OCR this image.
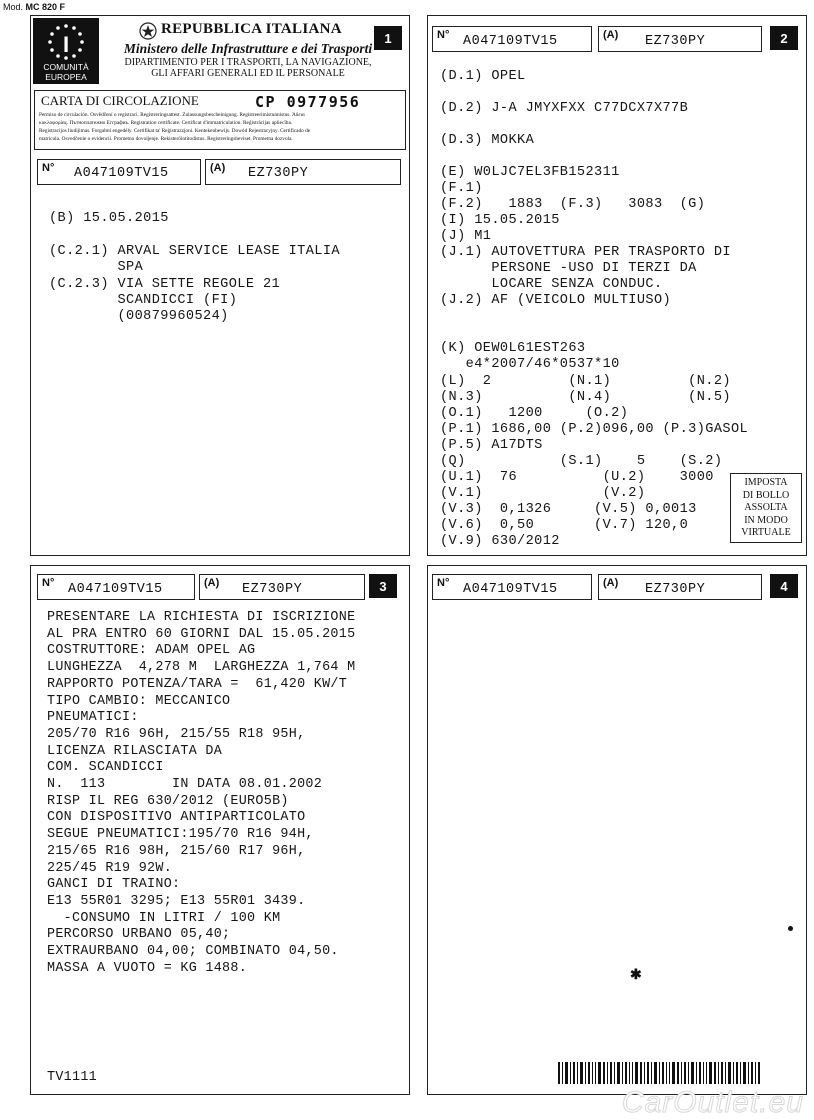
Mod. MC 820 F
I
COMUNITÀ EUROPEA
REPUBBLICA ITALIANA
Ministero delle Infrastrutture e dei Trasporti
DIPARTIMENTO PER I TRASPORTI, LA NAVIGAZIONE,
GLI AFFARI GENERALI ED IL PERSONALE
1
CARTA DI CIRCOLAZIONE	CP 0977956
Permiso de circulación. Osvědčení o registraci. Registreringsattest. Zulassungsbescheinigung. Registreerimistunnistus. Άδεια
κυκλοφορίας. Пътноплатежно Егграфиь. Registration certificate. Certificat d'immatriculation. Reģistrācijas apliecība.
Registracijos liudijimas. Forgalmi engedély. Certifikat ta' Reġistrazzjoni. Kentekenbewijs. Dowód Rejestracyjny. Certificado de
matrícula. Osvedčenie o evidencii. Prometno dovoljenje. Rekisteröintitodistus. Registreringsbeviset. Prometna dozvola.
N° A047109TV15	(A) EZ730PY
(B) 15.05.2015
(C.2.1) ARVAL SERVICE LEASE ITALIA
SPA
(C.2.3) VIA SETTE REGOLE 21
SCANDICCI (FI)
(00879960524)
N° A047109TV15	(A) EZ730PY	2
(D.1) OPEL
(D.2) J-A JMYXFXX C77DCX7X77B
(D.3) MOKKA
(E) W0LJC7EL3FB152311
(F.1)
(F.2)   1883  (F.3)   3083  (G)
(I) 15.05.2015
(J) M1
(J.1) AUTOVETTURA PER TRASPORTO DI
PERSONE -USO DI TERZI DA
LOCARE SENZA CONDUC.
(J.2) AF (VEICOLO MULTIUSO)
(K) OEW0L61EST263
e4*2007/46*0537*10
(L)  2         (N.1)         (N.2)
(N.3)          (N.4)         (N.5)
(O.1)   1200     (O.2)
(P.1) 1686,00 (P.2)096,00 (P.3)GASOL
(P.5) A17DTS
(Q)           (S.1)    5    (S.2)
(U.1)  76          (U.2)    3000
(V.1)              (V.2)
(V.3)  0,1326     (V.5) 0,0013
(V.6)  0,50       (V.7) 120,0
(V.9) 630/2012
IMPOSTA
DI BOLLO
ASSOLTA
IN MODO
VIRTUALE
N° A047109TV15	(A) EZ730PY	3
PRESENTARE LA RICHIESTA DI ISCRIZIONE
AL PRA ENTRO 60 GIORNI DAL 15.05.2015
COSTRUTTORE: ADAM OPEL AG
LUNGHEZZA  4,278 M  LARGHEZZA 1,764 M
RAPPORTO POTENZA/TARA =  61,420 KW/T
TIPO CAMBIO: MECCANICO
PNEUMATICI:
205/70 R16 96H, 215/55 R18 95H,
LICENZA RILASCIATA DA
COM. SCANDICCI
N.  113        IN DATA 08.01.2002
RISP IL REG 630/2012 (EURO5B)
CON DISPOSITIVO ANTIPARTICOLATO
SEGUE PNEUMATICI:195/70 R16 94H,
215/65 R16 98H, 215/60 R17 96H,
225/45 R19 92W.
GANCI DI TRAINO:
E13 55R01 3295; E13 55R01 3439.
-CONSUMO IN LITRI / 100 KM
PERCORSO URBANO 05,40;
EXTRAURBANO 04,00; COMBINATO 04,50.
MASSA A VUOTO = KG 1488.
TV1111
N° A047109TV15	(A) EZ730PY	4
✱
CarOutlet.eu
